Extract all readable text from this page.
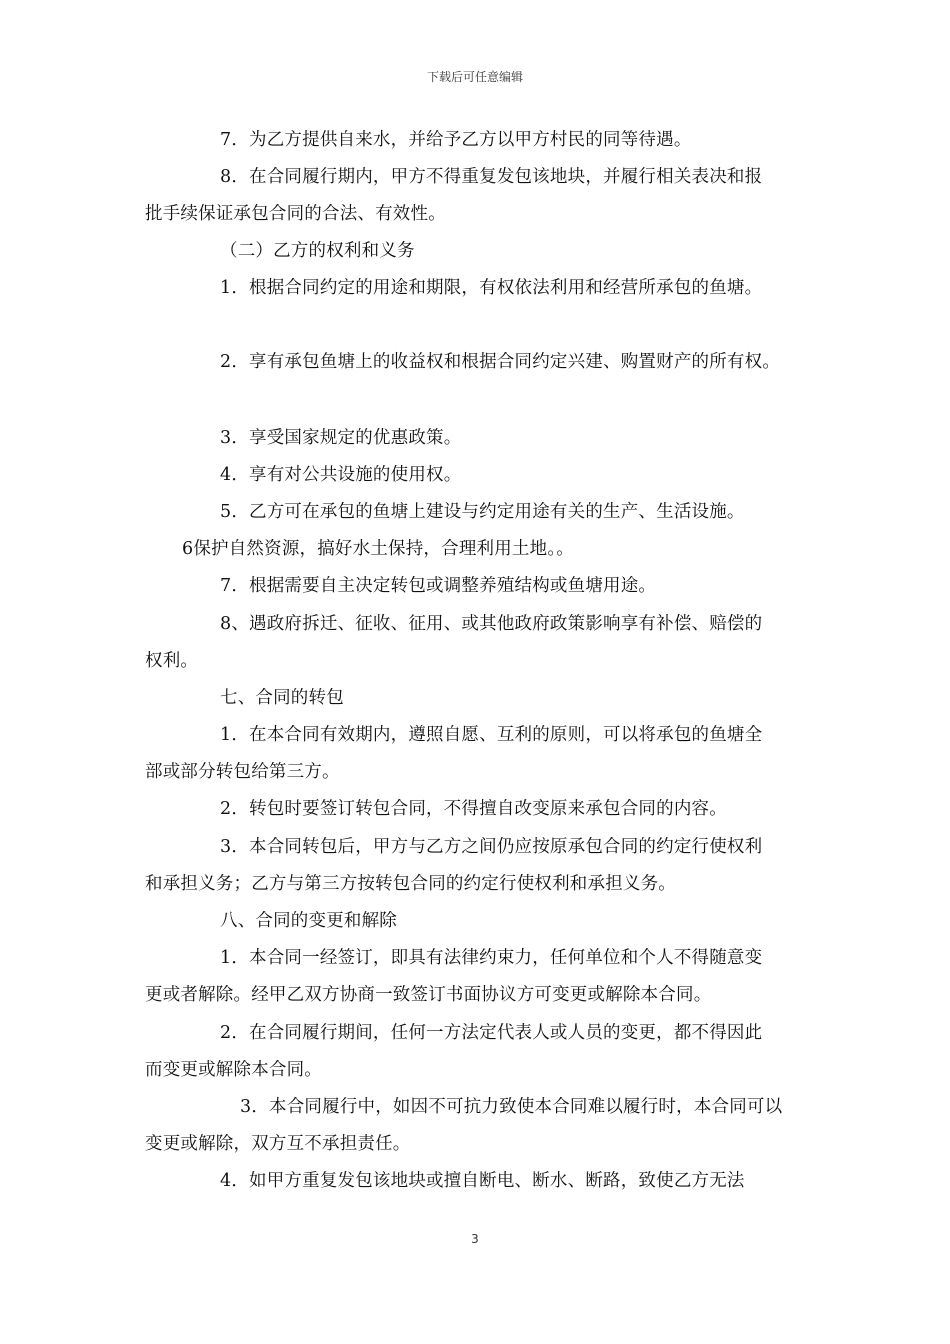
下载后可任意编辑
7．为乙方提供自来水，并给予乙方以甲方村民的同等待遇。
8．在合同履行期内，甲方不得重复发包该地块，并履行相关表决和报
批手续保证承包合同的合法、有效性。
（二）乙方的权利和义务
1．根据合同约定的用途和期限，有权依法利用和经营所承包的鱼塘。
2．享有承包鱼塘上的收益权和根据合同约定兴建、购置财产的所有权。
3．享受国家规定的优惠政策。
4．享有对公共设施的使用权。
5．乙方可在承包的鱼塘上建设与约定用途有关的生产、生活设施。
6保护自然资源，搞好水土保持，合理利用土地。。
7．根据需要自主决定转包或调整养殖结构或鱼塘用途。
8、遇政府拆迁、征收、征用、或其他政府政策影响享有补偿、赔偿的
权利。
七、合同的转包
1．在本合同有效期内，遵照自愿、互利的原则，可以将承包的鱼塘全
部或部分转包给第三方。
2．转包时要签订转包合同，不得擅自改变原来承包合同的内容。
3．本合同转包后，甲方与乙方之间仍应按原承包合同的约定行使权利
和承担义务；乙方与第三方按转包合同的约定行使权利和承担义务。
八、合同的变更和解除
1．本合同一经签订，即具有法律约束力，任何单位和个人不得随意变
更或者解除。经甲乙双方协商一致签订书面协议方可变更或解除本合同。
2．在合同履行期间，任何一方法定代表人或人员的变更，都不得因此
而变更或解除本合同。
3．本合同履行中，如因不可抗力致使本合同难以履行时，本合同可以
变更或解除，双方互不承担责任。
4．如甲方重复发包该地块或擅自断电、断水、断路，致使乙方无法
3
